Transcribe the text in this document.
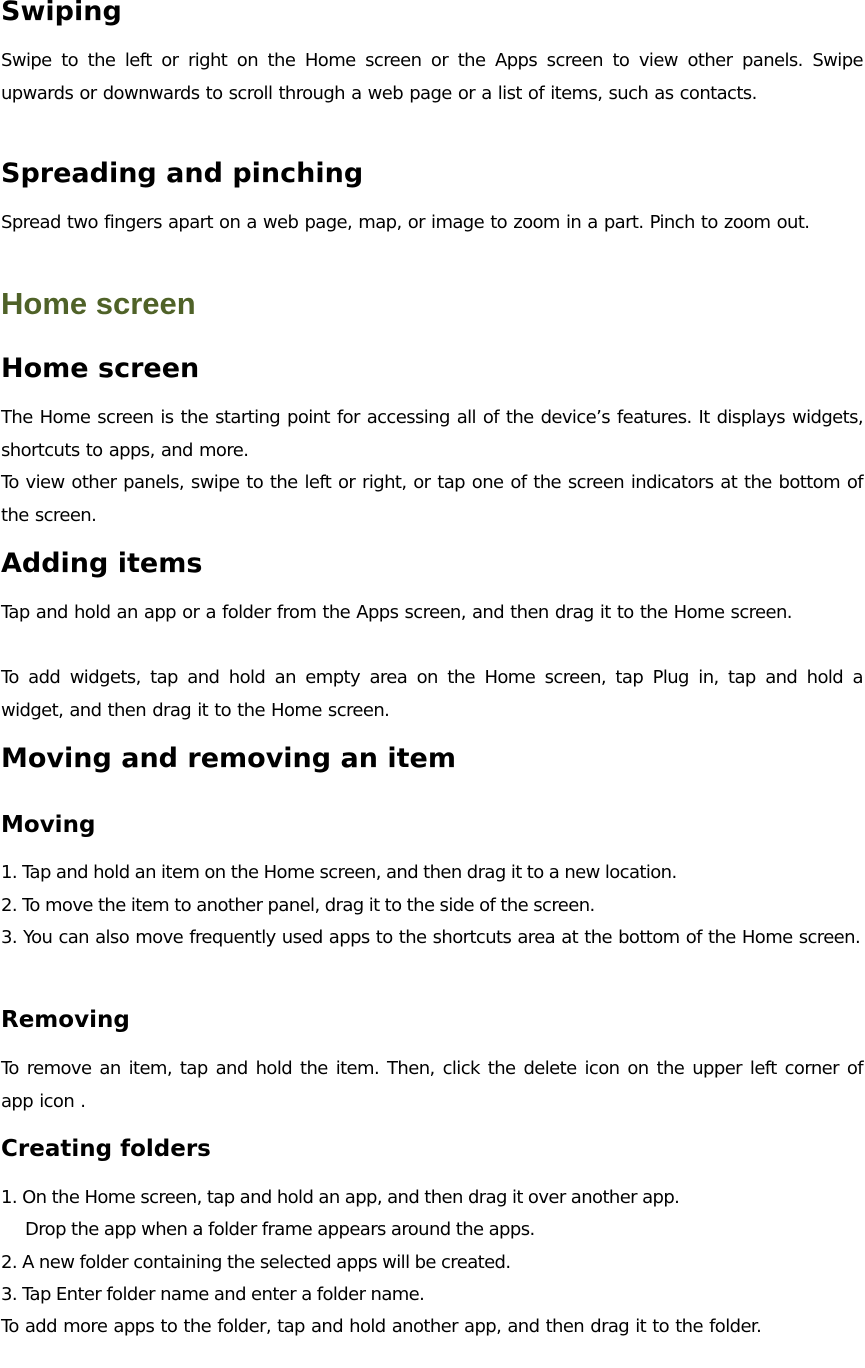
Swiping
Swipe to the left or right on the Home screen or the Apps screen to view other panels. Swipe upwards or downwards to scroll through a web page or a list of items, such as contacts.
Spreading and pinching
Spread two fingers apart on a web page, map, or image to zoom in a part. Pinch to zoom out.
Home screen
Home screen
The Home screen is the starting point for accessing all of the device’s features. It displays widgets, shortcuts to apps, and more.
To view other panels, swipe to the left or right, or tap one of the screen indicators at the bottom of the screen.
Adding items
Tap and hold an app or a folder from the Apps screen, and then drag it to the Home screen.
To add widgets, tap and hold an empty area on the Home screen, tap Plug in, tap and hold a widget, and then drag it to the Home screen.
Moving and removing an item
Moving
1. Tap and hold an item on the Home screen, and then drag it to a new location.
2. To move the item to another panel, drag it to the side of the screen.
3. You can also move frequently used apps to the shortcuts area at the bottom of the Home screen.
Removing
To remove an item, tap and hold the item. Then, click the delete icon on the upper left corner of app icon .
Creating folders
1. On the Home screen, tap and hold an app, and then drag it over another app.
Drop the app when a folder frame appears around the apps.
2. A new folder containing the selected apps will be created.
3. Tap Enter folder name and enter a folder name.
To add more apps to the folder, tap and hold another app, and then drag it to the folder.
